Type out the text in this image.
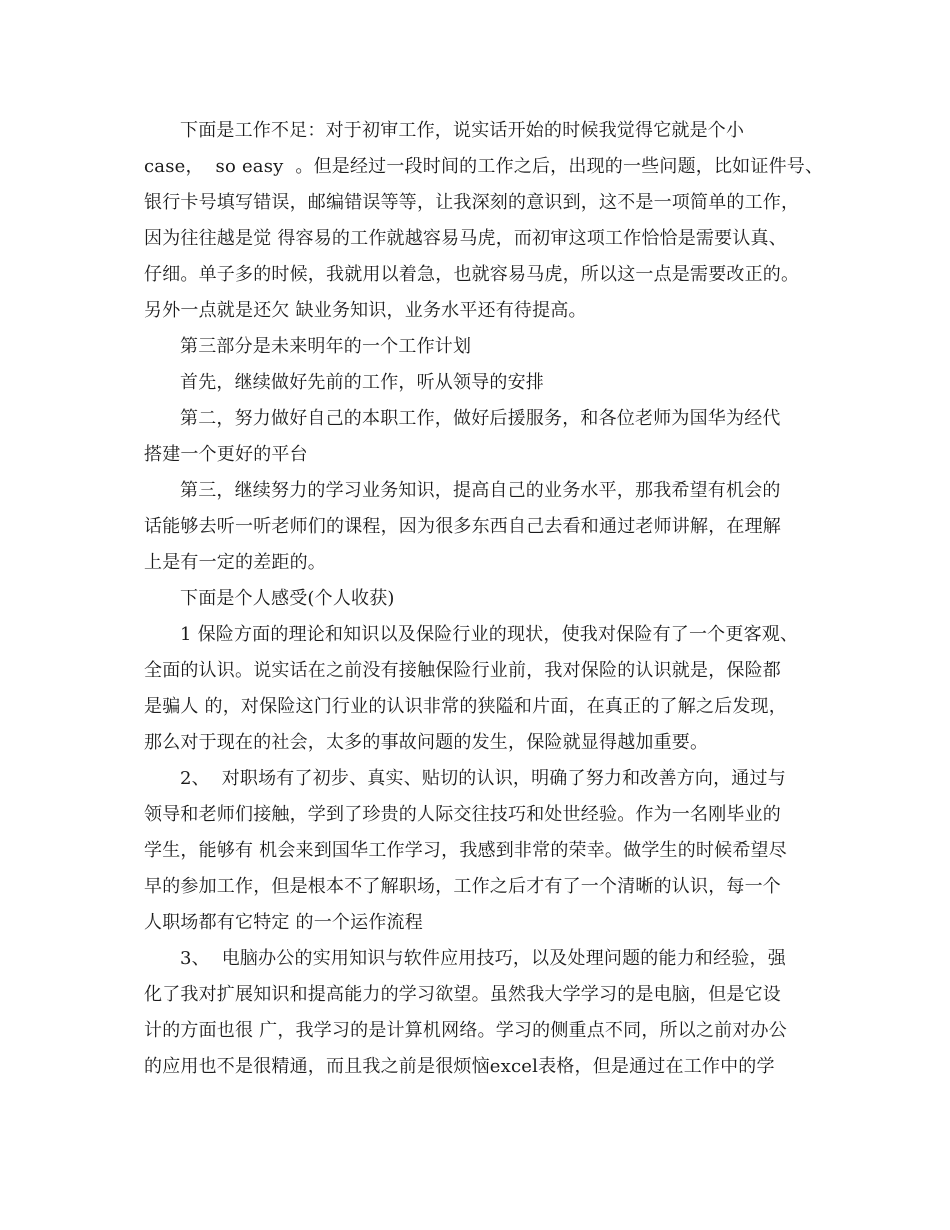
下面是工作不足：对于初审工作，说实话开始的时候我觉得它就是个小
case，  so easy  。但是经过一段时间的工作之后，出现的一些问题，比如证件号、
银行卡号填写错误，邮编错误等等，让我深刻的意识到，这不是一项简单的工作，
因为往往越是觉 得容易的工作就越容易马虎，而初审这项工作恰恰是需要认真、
仔细。单子多的时候，我就用以着急，也就容易马虎，所以这一点是需要改正的。
另外一点就是还欠 缺业务知识，业务水平还有待提高。
第三部分是未来明年的一个工作计划
首先，继续做好先前的工作，听从领导的安排
第二，努力做好自己的本职工作，做好后援服务，和各位老师为国华为经代
搭建一个更好的平台
第三，继续努力的学习业务知识，提高自己的业务水平，那我希望有机会的
话能够去听一听老师们的课程，因为很多东西自己去看和通过老师讲解，在理解
上是有一定的差距的。
下面是个人感受(个人收获)
1 保险方面的理论和知识以及保险行业的现状，使我对保险有了一个更客观、
全面的认识。说实话在之前没有接触保险行业前，我对保险的认识就是，保险都
是骗人 的，对保险这门行业的认识非常的狭隘和片面，在真正的了解之后发现，
那么对于现在的社会，太多的事故问题的发生，保险就显得越加重要。
2、  对职场有了初步、真实、贴切的认识，明确了努力和改善方向，通过与
领导和老师们接触，学到了珍贵的人际交往技巧和处世经验。作为一名刚毕业的
学生，能够有 机会来到国华工作学习，我感到非常的荣幸。做学生的时候希望尽
早的参加工作，但是根本不了解职场，工作之后才有了一个清晰的认识，每一个
人职场都有它特定 的一个运作流程
3、  电脑办公的实用知识与软件应用技巧，以及处理问题的能力和经验，强
化了我对扩展知识和提高能力的学习欲望。虽然我大学学习的是电脑，但是它设
计的方面也很 广，我学习的是计算机网络。学习的侧重点不同，所以之前对办公
的应用也不是很精通，而且我之前是很烦恼excel表格，但是通过在工作中的学
